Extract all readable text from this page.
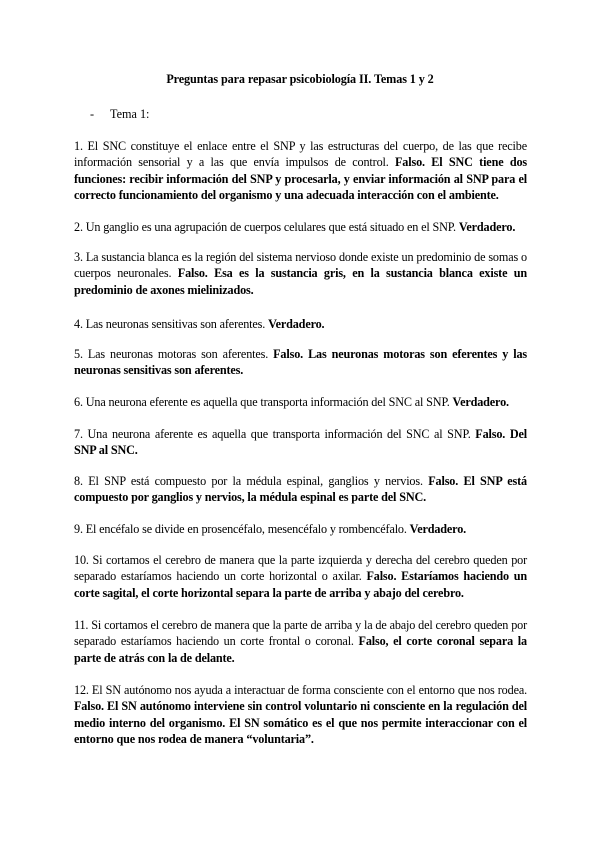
Preguntas para repasar psicobiología II. Temas 1 y 2
- Tema 1:
1. El SNC constituye el enlace entre el SNP y las estructuras del cuerpo, de las que recibe información sensorial y a las que envía impulsos de control. Falso. El SNC tiene dos funciones: recibir información del SNP y procesarla, y enviar información al SNP para el correcto funcionamiento del organismo y una adecuada interacción con el ambiente.
2. Un ganglio es una agrupación de cuerpos celulares que está situado en el SNP. Verdadero.
3. La sustancia blanca es la región del sistema nervioso donde existe un predominio de somas o cuerpos neuronales. Falso. Esa es la sustancia gris, en la sustancia blanca existe un predominio de axones mielinizados.
4. Las neuronas sensitivas son aferentes. Verdadero.
5. Las neuronas motoras son aferentes. Falso. Las neuronas motoras son eferentes y las neuronas sensitivas son aferentes.
6. Una neurona eferente es aquella que transporta información del SNC al SNP. Verdadero.
7. Una neurona aferente es aquella que transporta información del SNC al SNP. Falso. Del SNP al SNC.
8. El SNP está compuesto por la médula espinal, ganglios y nervios. Falso. El SNP está compuesto por ganglios y nervios, la médula espinal es parte del SNC.
9. El encéfalo se divide en prosencéfalo, mesencéfalo y rombencéfalo. Verdadero.
10. Si cortamos el cerebro de manera que la parte izquierda y derecha del cerebro queden por separado estaríamos haciendo un corte horizontal o axilar. Falso. Estaríamos haciendo un corte sagital, el corte horizontal separa la parte de arriba y abajo del cerebro.
11. Si cortamos el cerebro de manera que la parte de arriba y la de abajo del cerebro queden por separado estaríamos haciendo un corte frontal o coronal. Falso, el corte coronal separa la parte de atrás con la de delante.
12. El SN autónomo nos ayuda a interactuar de forma consciente con el entorno que nos rodea. Falso. El SN autónomo interviene sin control voluntario ni consciente en la regulación del medio interno del organismo. El SN somático es el que nos permite interaccionar con el entorno que nos rodea de manera “voluntaria”.
